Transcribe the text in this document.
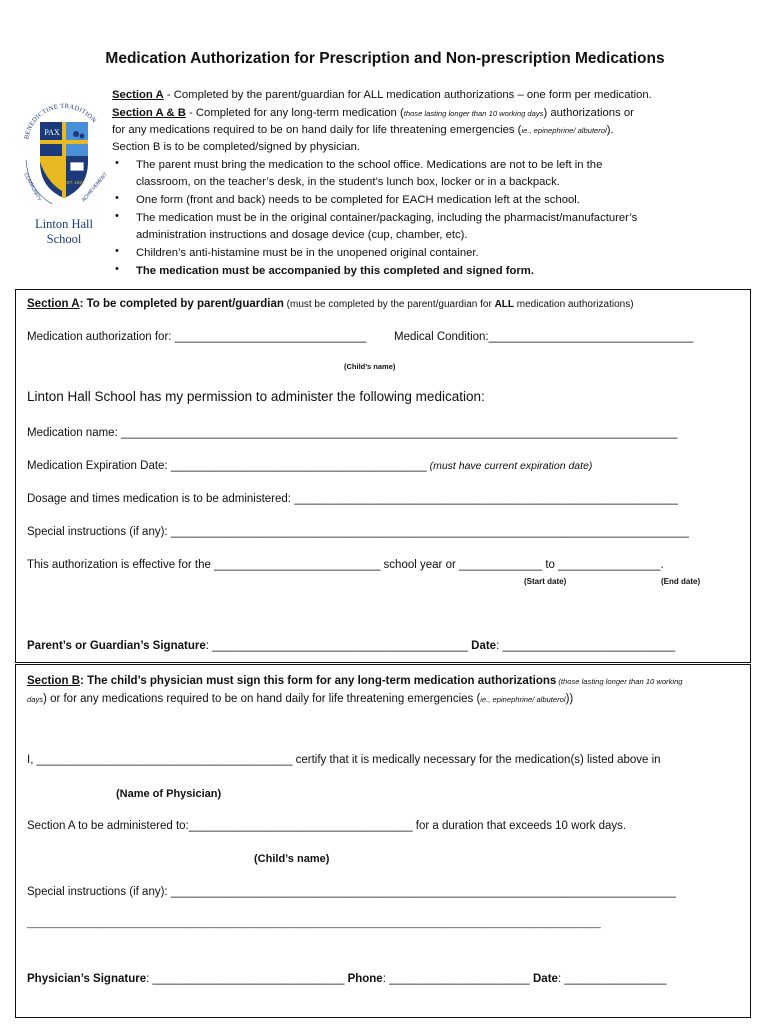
Medication Authorization for Prescription and Non-prescription Medications
BENEDICTINE TRADITION
PAX
EST. 1922
COMMUNITY	ACHIEVEMENT
Linton Hall
School
Section A - Completed by the parent/guardian for ALL medication authorizations – one form per medication.
Section A & B - Completed for any long-term medication (those lasting longer than 10 working days) authorizations or
for any medications required to be on hand daily for life threatening emergencies (ie., epinephrine/ albuterol).
Section B is to be completed/signed by physician.
• The parent must bring the medication to the school office. Medications are not to be left in the
classroom, on the teacher’s desk, in the student’s lunch box, locker or in a backpack.
• One form (front and back) needs to be completed for EACH medication left at the school.
• The medication must be in the original container/packaging, including the pharmacist/manufacturer’s
administration instructions and dosage device (cup, chamber, etc).
• Children’s anti-histamine must be in the unopened original container.
• The medication must be accompanied by this completed and signed form.
Section A: To be completed by parent/guardian (must be completed by the parent/guardian for ALL medication authorizations)
Medication authorization for: ______________________________ Medical Condition:________________________________
(Child’s name)
Linton Hall School has my permission to administer the following medication:
Medication name: _______________________________________________________________________________________
Medication Expiration Date: ________________________________________ (must have current expiration date)
Dosage and times medication is to be administered: ____________________________________________________________
Special instructions (if any): _________________________________________________________________________________
This authorization is effective for the __________________________ school year or _____________ to ________________.
(Start date)	(End date)
Parent’s or Guardian’s Signature: ________________________________________ Date: ___________________________
Section B: The child’s physician must sign this form for any long-term medication authorizations (those lasting longer than 10 working
days) or for any medications required to be on hand daily for life threatening emergencies (ie., epinephrine/ albuterol))
I, ________________________________________ certify that it is medically necessary for the medication(s) listed above in
(Name of Physician)
Section A to be administered to:___________________________________ for a duration that exceeds 10 work days.
(Child’s name)
Special instructions (if any): _______________________________________________________________________________
___________________________________________________________________________________________________________________
Physician’s Signature: ______________________________ Phone: ______________________ Date: ________________
